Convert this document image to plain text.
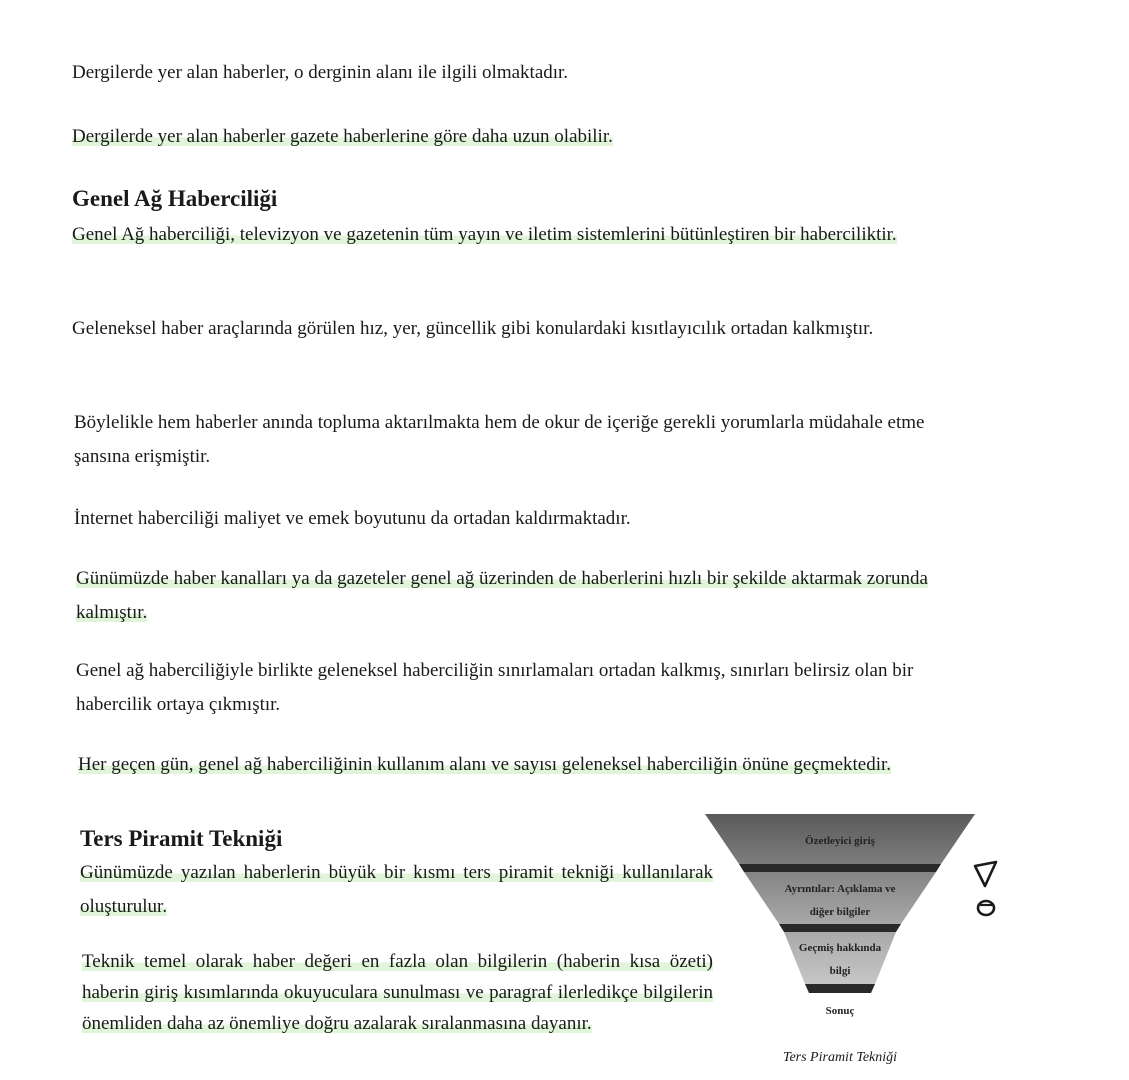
Dergilerde yer alan haberler, o derginin alanı ile ilgili olmaktadır.

Dergilerde yer alan haberler gazete haberlerine göre daha uzun olabilir.

Genel Ağ Haberciliği

Genel Ağ haberciliği, televizyon ve gazetenin tüm yayın ve iletim sistemlerini bütünleştiren bir haberciliktir.

Geleneksel haber araçlarında görülen hız, yer, güncellik gibi konulardaki kısıtlayıcılık ortadan kalkmıştır.

Böylelikle hem haberler anında topluma aktarılmakta hem de okur de içeriğe gerekli yorumlarla müdahale etme şansına erişmiştir.

İnternet haberciliği maliyet ve emek boyutunu da ortadan kaldırmaktadır.

Günümüzde haber kanalları ya da gazeteler genel ağ üzerinden de haberlerini hızlı bir şekilde aktarmak zorunda kalmıştır.

Genel ağ haberciliğiyle birlikte geleneksel haberciliğin sınırlamaları ortadan kalkmış, sınırları belirsiz olan bir habercilik ortaya çıkmıştır.

Her geçen gün, genel ağ haberciliğinin kullanım alanı ve sayısı geleneksel haberciliğin önüne geçmektedir.

Ters Piramit Tekniği

Günümüzde yazılan haberlerin büyük bir kısmı ters piramit tekniği kullanılarak oluşturulur.

Teknik temel olarak haber değeri en fazla olan bilgilerin (haberin kısa özeti) haberin giriş kısımlarında okuyuculara sunulması ve paragraf ilerledikçe bilgilerin önemliden daha az önemliye doğru azalarak sıralanmasına dayanır.

Özetleyici giriş
Ayrıntılar: Açıklama ve
diğer bilgiler
Geçmiş hakkında
bilgi
Sonuç
Ters Piramit Tekniği
